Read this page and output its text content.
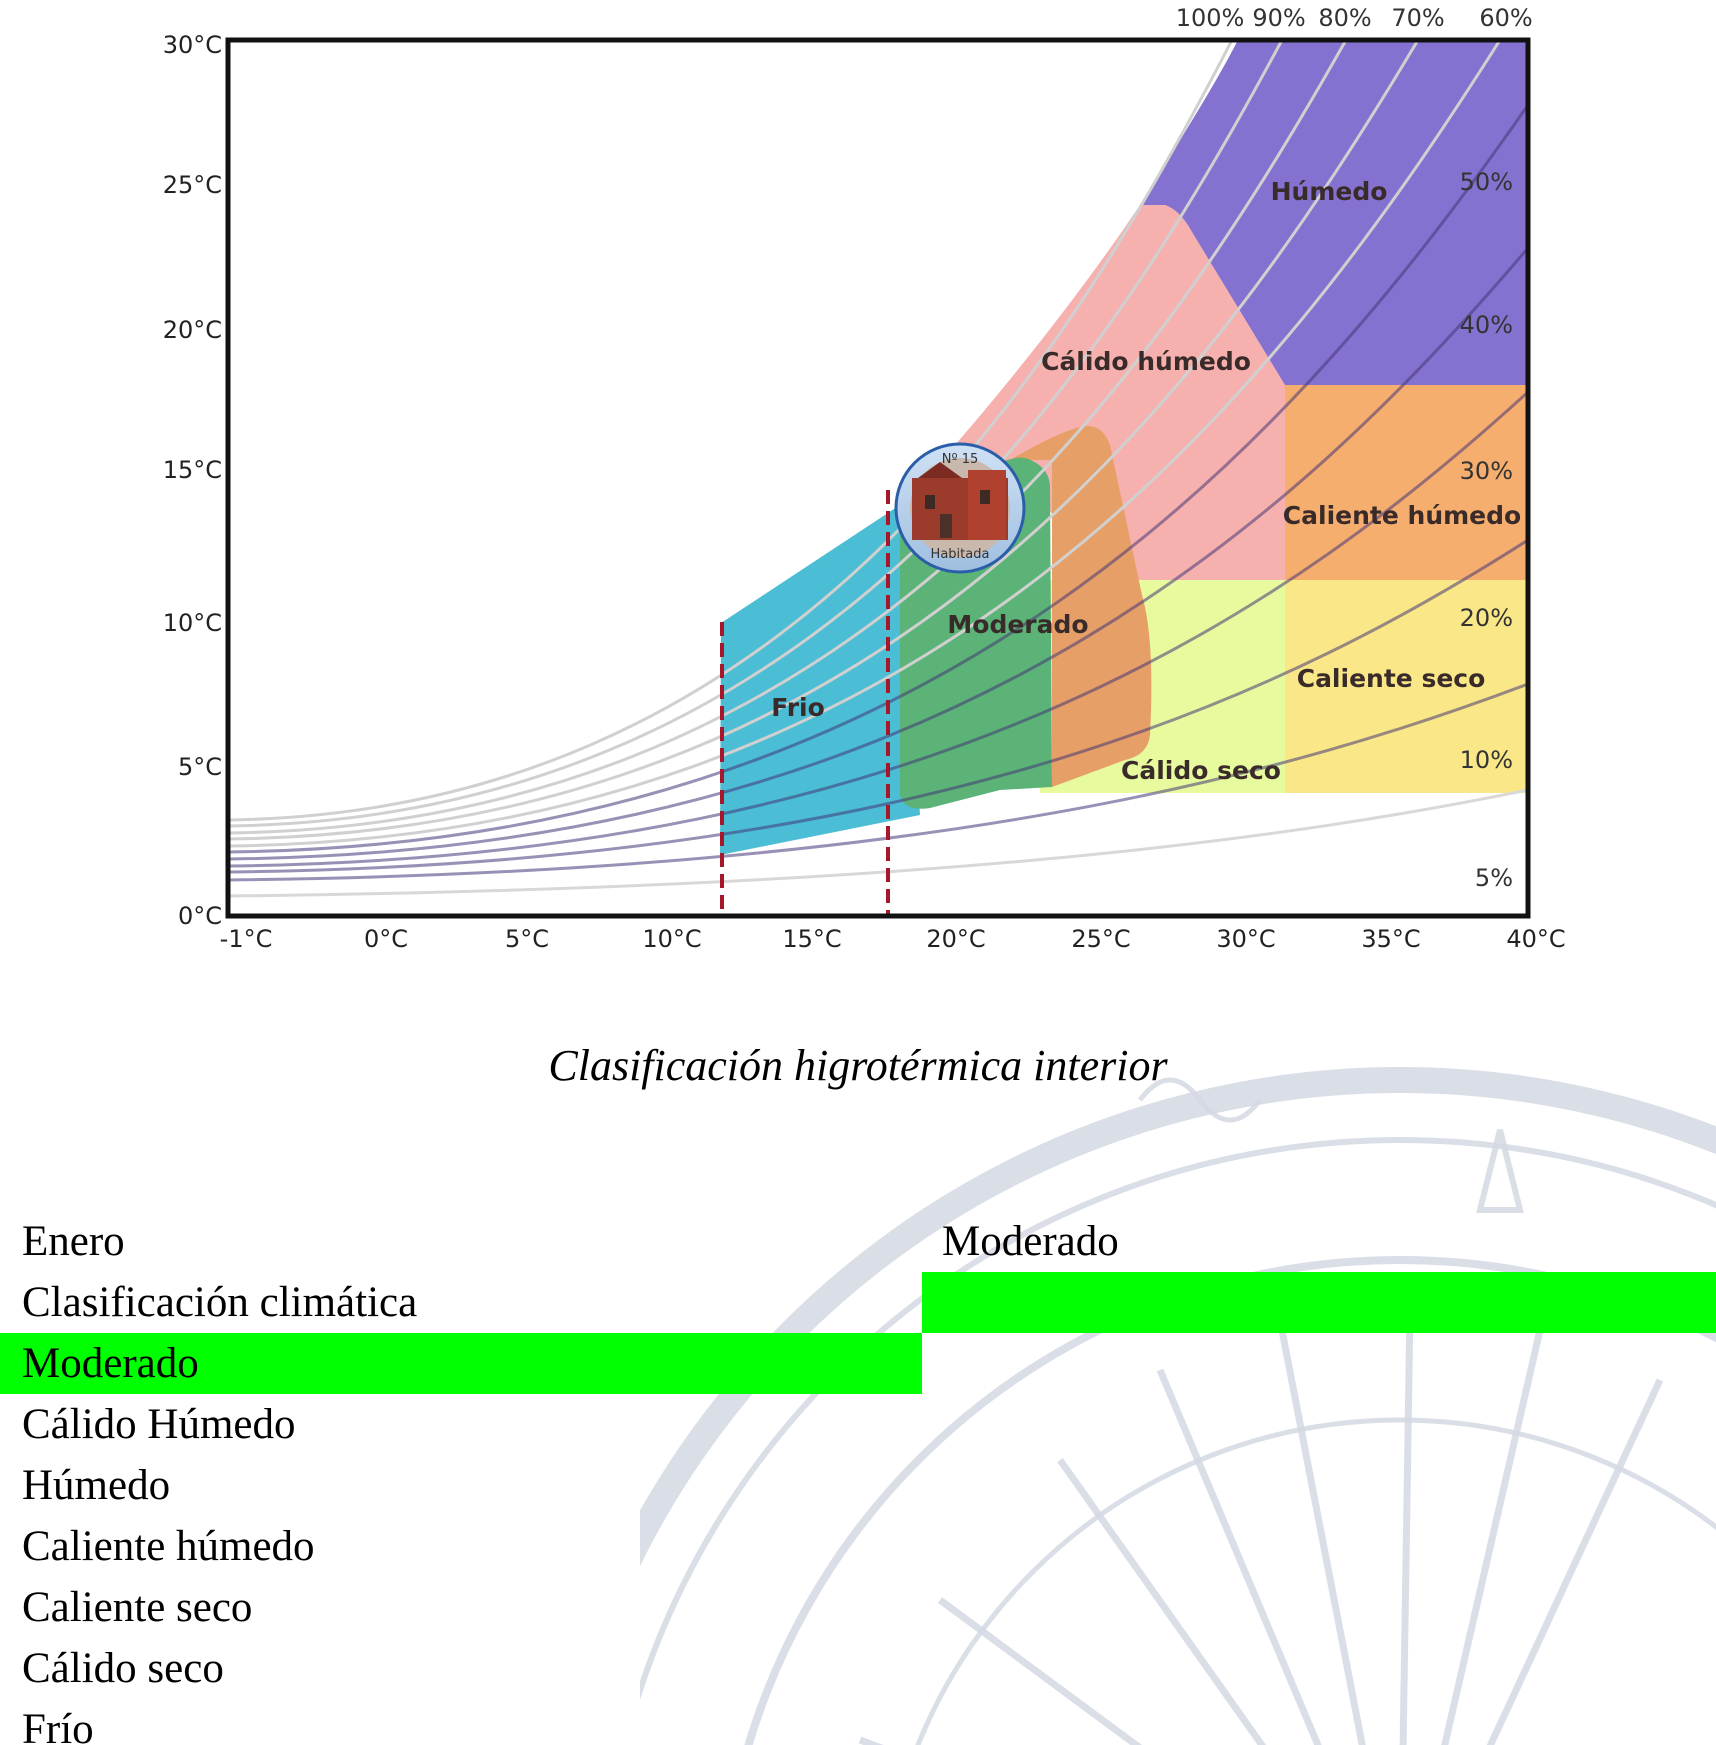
100% 90% 80% 70% 60%
50%
40%
30%
20%
10%
5%
-1°C	0°C	5°C	10°C	15°C	20°C	25°C	30°C	35°C	40°C
0°C
5°C
10°C
15°C
20°C
25°C
30°C
Húmedo
Cálido húmedo
Caliente húmedo
Moderado
Caliente seco
Frio
Cálido seco
Nº 15
Habitada
Clasificación higrotérmica interior
Enero	Moderado
Clasificación climática
Moderado
Cálido Húmedo
Húmedo
Caliente húmedo
Caliente seco
Cálido seco
Frío
